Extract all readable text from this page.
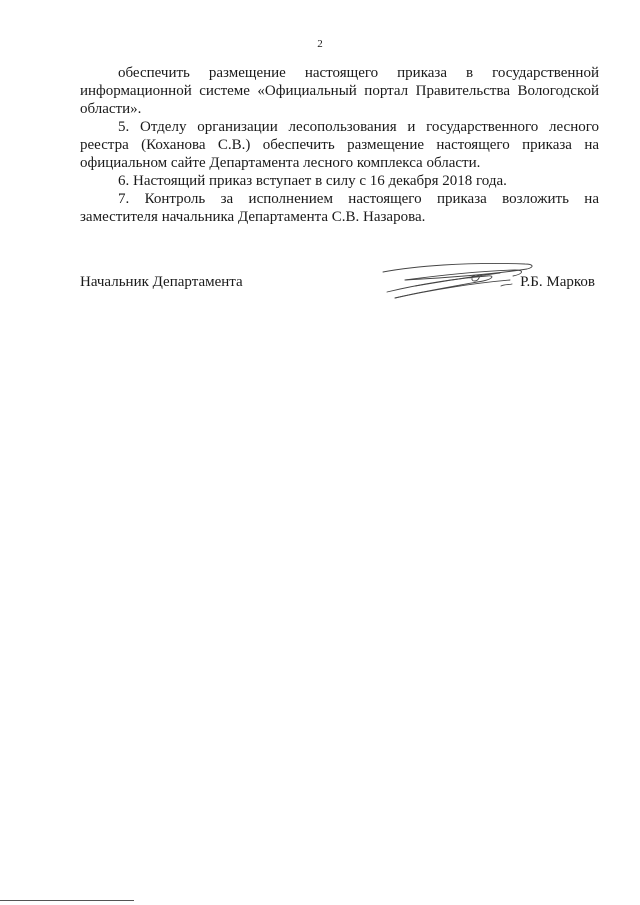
2

обеспечить размещение настоящего приказа в государственной информационной системе «Официальный портал Правительства Вологодской области».

5. Отделу организации лесопользования и государственного лесного реестра (Коханова С.В.) обеспечить размещение настоящего приказа на официальном сайте Департамента лесного комплекса области.

6. Настоящий приказ вступает в силу с 16 декабря 2018 года.

7. Контроль за исполнением настоящего приказа возложить на заместителя начальника Департамента С.В. Назарова.

Начальник Департамента	Р.Б. Марков
